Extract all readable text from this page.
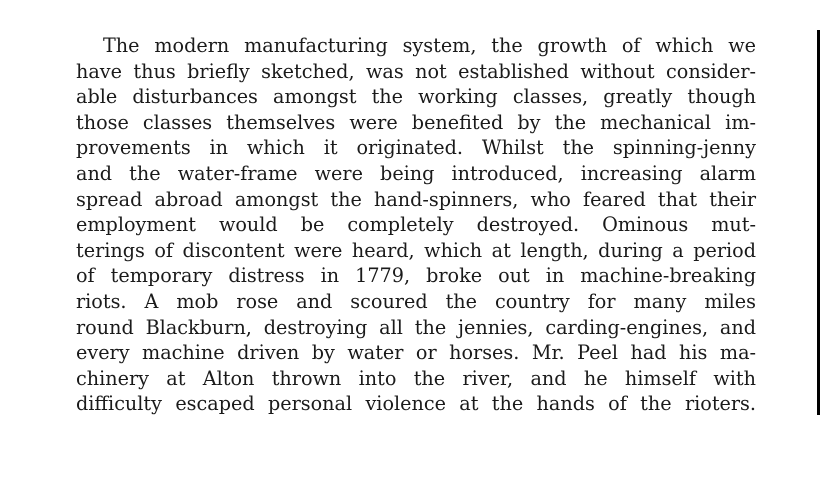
The modern manufacturing system, the growth of which we
have thus briefly sketched, was not established without consider-
able disturbances amongst the working classes, greatly though
those classes themselves were benefited by the mechanical im-
provements in which it originated. Whilst the spinning-jenny
and the water-frame were being introduced, increasing alarm
spread abroad amongst the hand-spinners, who feared that their
employment would be completely destroyed. Ominous mut-
terings of discontent were heard, which at length, during a period
of temporary distress in 1779, broke out in machine-breaking
riots. A mob rose and scoured the country for many miles
round Blackburn, destroying all the jennies, carding-engines, and
every machine driven by water or horses. Mr. Peel had his ma-
chinery at Alton thrown into the river, and he himself with
difficulty escaped personal violence at the hands of the rioters.
